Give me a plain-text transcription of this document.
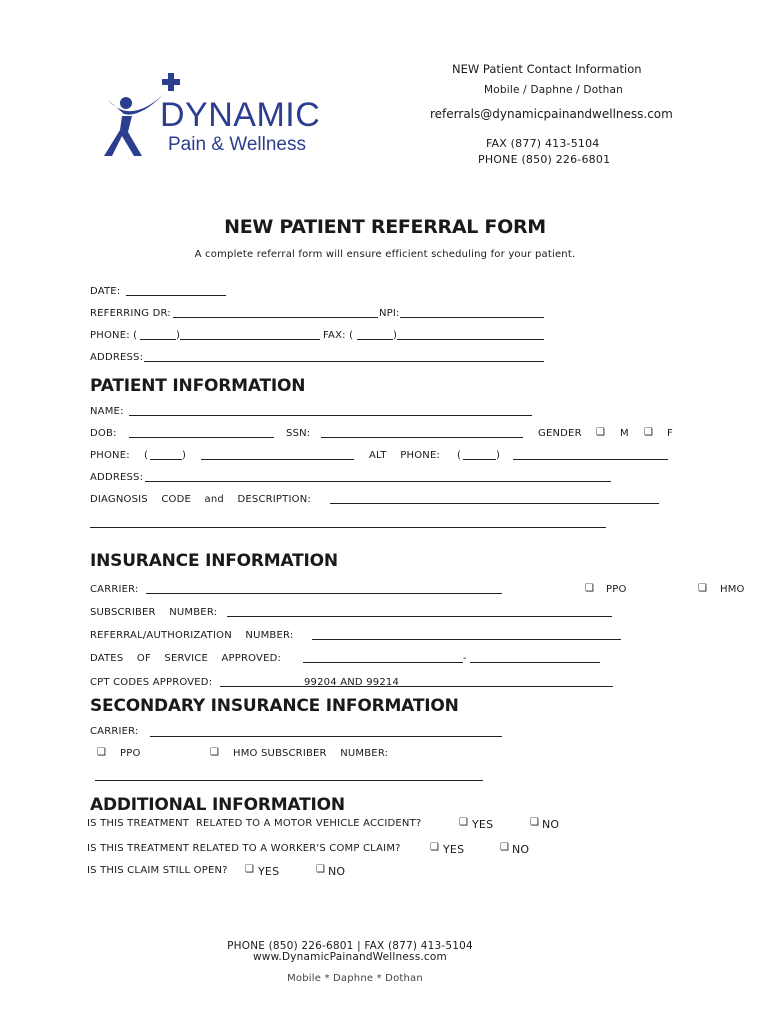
DYNAMIC
Pain & Wellness
NEW Patient Contact Information
Mobile / Daphne / Dothan
referrals@dynamicpainandwellness.com
FAX (877) 413-5104
PHONE (850) 226-6801
NEW PATIENT REFERRAL FORM
A complete referral form will ensure efficient scheduling for your patient.
DATE:
REFERRING DR:	NPI:
PHONE: (	)	FAX: (	)
ADDRESS:
PATIENT INFORMATION
NAME:
DOB:	SSN:	GENDER ❑ M ❑ F
PHONE: (	)	ALT    PHONE: (	)
ADDRESS:
DIAGNOSIS    CODE    and    DESCRIPTION:
INSURANCE INFORMATION
CARRIER:	❑ PPO	❑ HMO
SUBSCRIBER    NUMBER:
REFERRAL/AUTHORIZATION    NUMBER:
DATES    OF    SERVICE    APPROVED:	-
CPT CODES APPROVED:	99204 AND 99214
SECONDARY INSURANCE INFORMATION
CARRIER:
❑ PPO	❑ HMO SUBSCRIBER    NUMBER:
ADDITIONAL INFORMATION
IS THIS TREATMENT  RELATED TO A MOTOR VEHICLE ACCIDENT?	❑ YES	❑ NO
IS THIS TREATMENT RELATED TO A WORKER'S COMP CLAIM?	❑ YES	❑ NO
IS THIS CLAIM STILL OPEN? ❑ YES	❑ NO
PHONE (850) 226-6801 | FAX (877) 413-5104
www.DynamicPainandWellness.com
Mobile * Daphne * Dothan
